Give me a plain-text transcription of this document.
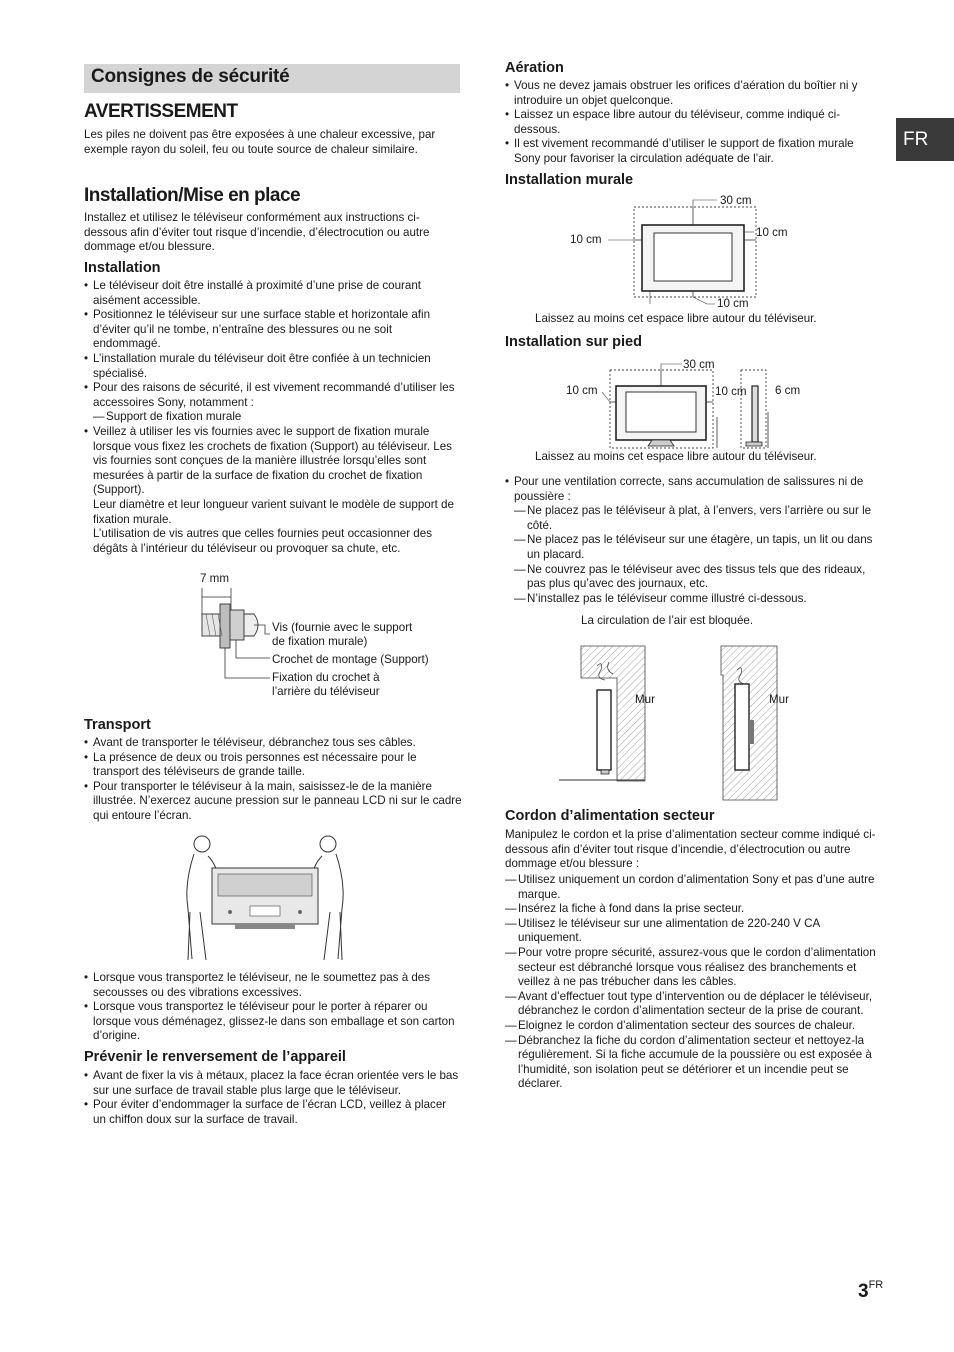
Consignes de sécurité
AVERTISSEMENT
Les piles ne doivent pas être exposées à une chaleur excessive, par exemple rayon du soleil, feu ou toute source de chaleur similaire.
Installation/Mise en place
Installez et utilisez le téléviseur conformément aux instructions ci-dessous afin d’éviter tout risque d’incendie, d’électrocution ou autre dommage et/ou blessure.
Installation
• Le téléviseur doit être installé à proximité d’une prise de courant aisément accessible.
• Positionnez le téléviseur sur une surface stable et horizontale afin d’éviter qu’il ne tombe, n’entraîne des blessures ou ne soit endommagé.
• L’installation murale du téléviseur doit être confiée à un technicien spécialisé.
• Pour des raisons de sécurité, il est vivement recommandé d’utiliser les accessoires Sony, notamment :
— Support de fixation murale
• Veillez à utiliser les vis fournies avec le support de fixation murale lorsque vous fixez les crochets de fixation (Support) au téléviseur. Les vis fournies sont conçues de la manière illustrée lorsqu’elles sont mesurées à partir de la surface de fixation du crochet de fixation (Support).
Leur diamètre et leur longueur varient suivant le modèle de support de fixation murale.
L’utilisation de vis autres que celles fournies peut occasionner des dégâts à l’intérieur du téléviseur ou provoquer sa chute, etc.
7 mm
Vis (fournie avec le support
de fixation murale)
Crochet de montage (Support)
Fixation du crochet à
l’arrière du téléviseur
Transport
• Avant de transporter le téléviseur, débranchez tous ses câbles.
• La présence de deux ou trois personnes est nécessaire pour le transport des téléviseurs de grande taille.
• Pour transporter le téléviseur à la main, saisissez-le de la manière illustrée. N’exercez aucune pression sur le panneau LCD ni sur le cadre qui entoure l’écran.
• Lorsque vous transportez le téléviseur, ne le soumettez pas à des secousses ou des vibrations excessives.
• Lorsque vous transportez le téléviseur pour le porter à réparer ou lorsque vous déménagez, glissez-le dans son emballage et son carton d’origine.
Prévenir le renversement de l’appareil
• Avant de fixer la vis à métaux, placez la face écran orientée vers le bas sur une surface de travail stable plus large que le téléviseur.
• Pour éviter d’endommager la surface de l’écran LCD, veillez à placer un chiffon doux sur la surface de travail.
Aération
• Vous ne devez jamais obstruer les orifices d’aération du boîtier ni y introduire un objet quelconque.
• Laissez un espace libre autour du téléviseur, comme indiqué ci-dessous.
• Il est vivement recommandé d’utiliser le support de fixation murale Sony pour favoriser la circulation adéquate de l’air.
Installation murale
30 cm
10 cm
10 cm
10 cm
Laissez au moins cet espace libre autour du téléviseur.
Installation sur pied
30 cm
10 cm	10 cm 6 cm
Laissez au moins cet espace libre autour du téléviseur.
• Pour une ventilation correcte, sans accumulation de salissures ni de poussière :
— Ne placez pas le téléviseur à plat, à l’envers, vers l’arrière ou sur le côté.
— Ne placez pas le téléviseur sur une étagère, un tapis, un lit ou dans un placard.
— Ne couvrez pas le téléviseur avec des tissus tels que des rideaux, pas plus qu’avec des journaux, etc.
— N’installez pas le téléviseur comme illustré ci-dessous.
La circulation de l’air est bloquée.
Mur	Mur
Cordon d’alimentation secteur
Manipulez le cordon et la prise d’alimentation secteur comme indiqué ci-dessous afin d’éviter tout risque d’incendie, d’électrocution ou autre dommage et/ou blessure :
— Utilisez uniquement un cordon d’alimentation Sony et pas d’une autre marque.
— Insérez la fiche à fond dans la prise secteur.
— Utilisez le téléviseur sur une alimentation de 220-240 V CA uniquement.
— Pour votre propre sécurité, assurez-vous que le cordon d’alimentation secteur est débranché lorsque vous réalisez des branchements et veillez à ne pas trébucher dans les câbles.
— Avant d’effectuer tout type d’intervention ou de déplacer le téléviseur, débranchez le cordon d’alimentation secteur de la prise de courant.
— Eloignez le cordon d’alimentation secteur des sources de chaleur.
— Débranchez la fiche du cordon d’alimentation secteur et nettoyez-la régulièrement. Si la fiche accumule de la poussière ou est exposée à l’humidité, son isolation peut se détériorer et un incendie peut se déclarer.
FR
$3^{FR}$
